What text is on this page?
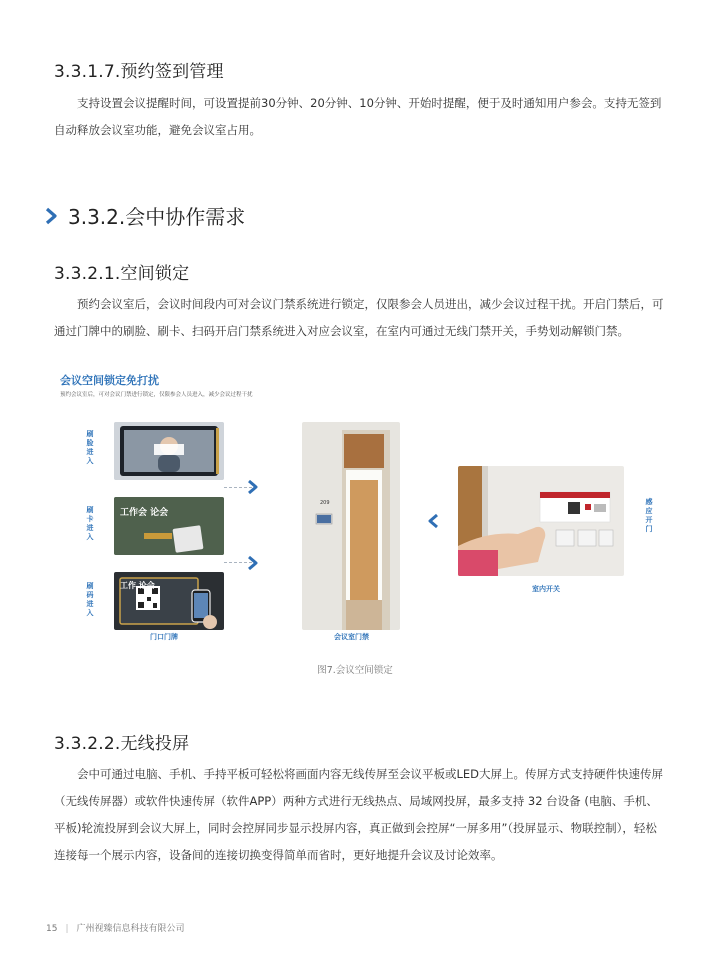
3.3.1.7.预约签到管理
支持设置会议提醒时间，可设置提前30分钟、20分钟、10分钟、开始时提醒，便于及时通知用户参会。支持无签到自动释放会议室功能，避免会议室占用。
3.3.2.会中协作需求
3.3.2.1.空间锁定
预约会议室后，会议时间段内可对会议门禁系统进行锁定，仅限参会人员进出，减少会议过程干扰。开启门禁后，可通过门牌中的刷脸、刷卡、扫码开启门禁系统进入对应会议室，在室内可通过无线门禁开关，手势划动解锁门禁。
会议空间锁定免打扰
预约会议室后，可对会议门禁进行锁定，仅限参会人员进入，减少会议过程干扰
刷脸进入
刷卡进入
刷码进入
工作会 论会
工作 论会
门口门牌
209
会议室门禁
室内开关
感应开门
图7.会议空间锁定
3.3.2.2.无线投屏
会中可通过电脑、手机、手持平板可轻松将画面内容无线传屏至会议平板或LED大屏上。传屏方式支持硬件快速传屏（无线传屏器）或软件快速传屏（软件APP）两种方式进行无线热点、局域网投屏，最多支持 32 台设备 (电脑、手机、平板)轮流投屏到会议大屏上，同时会控屏同步显示投屏内容，真正做到会控屏“一屏多用”（投屏显示、物联控制），轻松连接每一个展示内容，设备间的连接切换变得简单而省时，更好地提升会议及讨论效率。
15 | 广州视臻信息科技有限公司
